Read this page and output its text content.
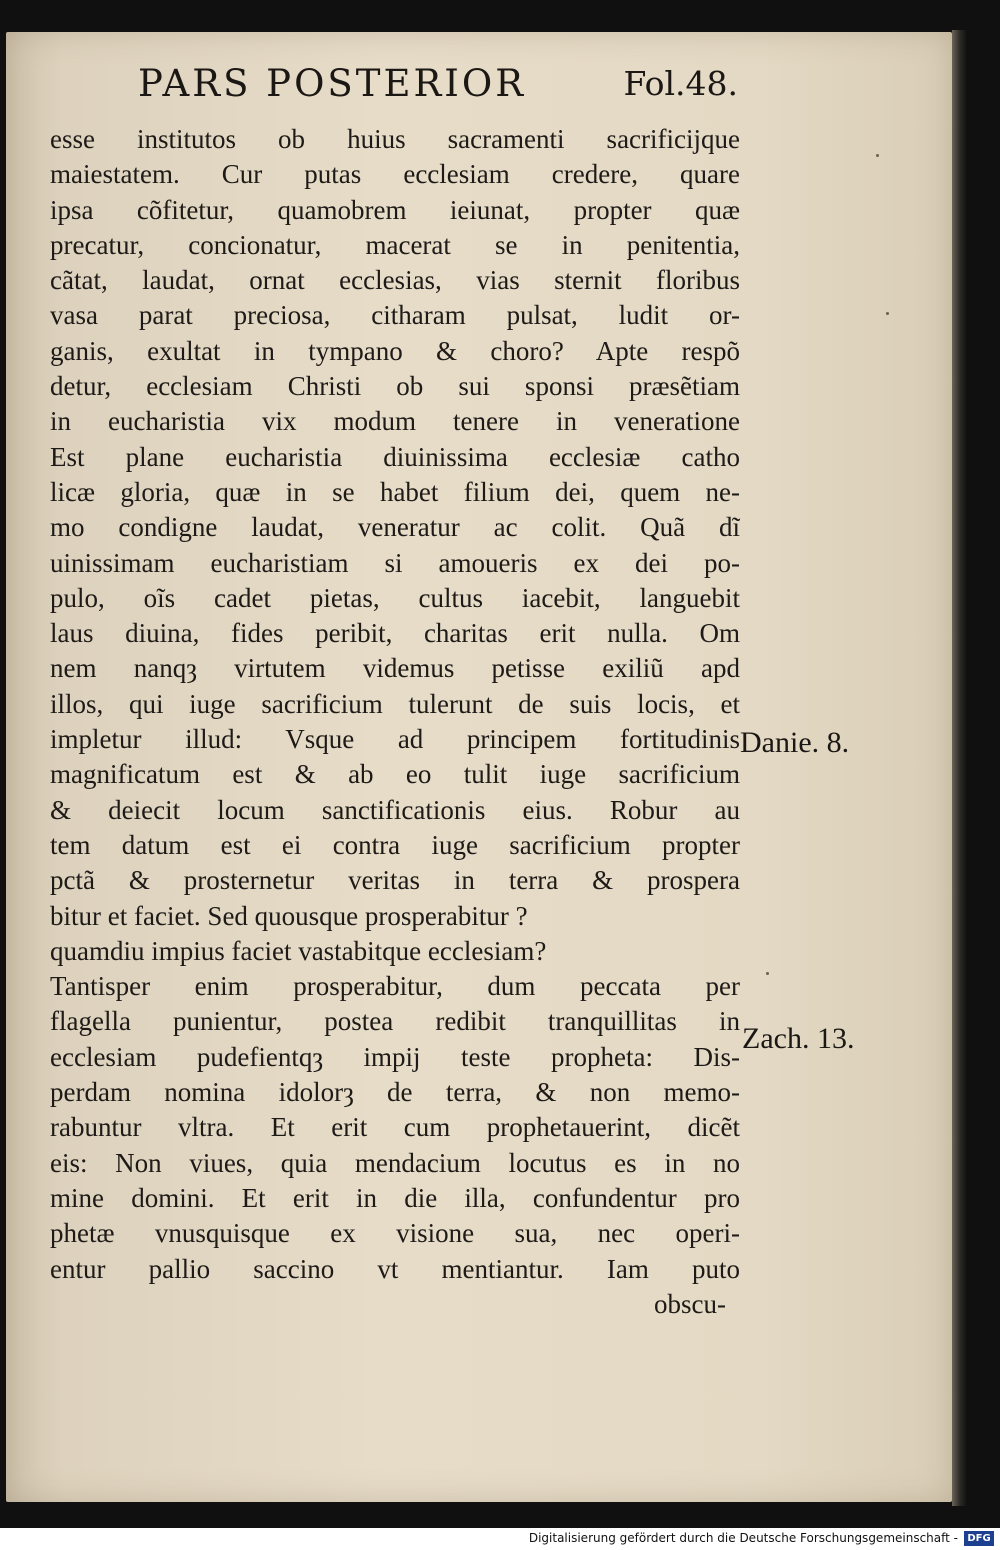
PARS POSTERIOR	Fol.48.
esse institutos ob huius sacramenti sacrificijque
maiestatem. Cur putas ecclesiam credere, quare
ipsa cõfitetur, quamobrem ieiunat, propter quæ
precatur, concionatur, macerat se in penitentia,
cãtat, laudat, ornat ecclesias, vias sternit floribus
vasa parat preciosa, citharam pulsat, ludit or-
ganis, exultat in tympano & choro? Apte respõ
detur, ecclesiam Christi ob sui sponsi præsẽtiam
in eucharistia vix modum tenere in veneratione
Est plane eucharistia diuinissima ecclesiæ catho
licæ gloria, quæ in se habet filium dei, quem ne-
mo condigne laudat, veneratur ac colit. Quã dĩ
uinissimam eucharistiam si amoueris ex dei po-
pulo, oĩs cadet pietas, cultus iacebit, languebit
laus diuina, fides peribit, charitas erit nulla. Om
nem nanqȝ virtutem videmus petisse exiliũ apd
illos, qui iuge sacrificium tulerunt de suis locis, et
impletur illud: Vsque ad principem fortitudinis
magnificatum est & ab eo tulit iuge sacrificium
& deiecit locum sanctificationis eius. Robur au
tem datum est ei contra iuge sacrificium propter
pctã & prosternetur veritas in terra & prospera
bitur et faciet. Sed quousque prosperabitur ?
quamdiu impius faciet vastabitque ecclesiam?
Tantisper enim prosperabitur, dum peccata per
flagella punientur, postea redibit tranquillitas in
ecclesiam pudefientqȝ impij teste propheta: Dis-
perdam nomina idolorȝ de terra, & non memo-
rabuntur vltra. Et erit cum prophetauerint, dicẽt
eis: Non viues, quia mendacium locutus es in no
mine domini. Et erit in die illa, confundentur pro
phetæ vnusquisque ex visione sua, nec operi-
entur pallio saccino vt mentiantur. Iam puto
obscu-
Danie. 8.
Zach. 13.
Digitalisierung gefördert durch die Deutsche Forschungsgemeinschaft - DFG
